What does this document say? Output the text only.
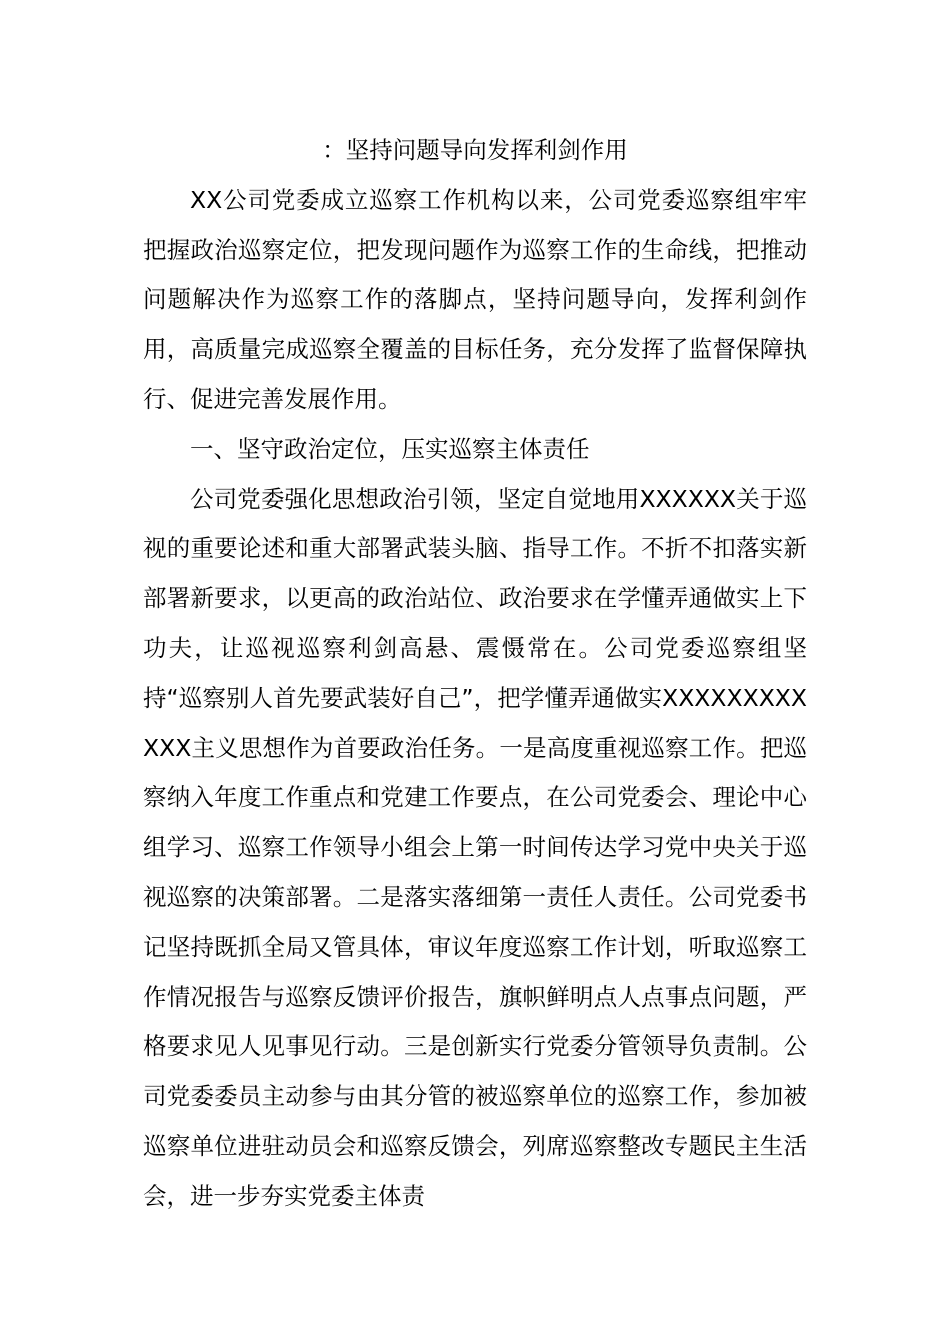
：坚持问题导向发挥利剑作用

XX公司党委成立巡察工作机构以来，公司党委巡察组牢牢把握政治巡察定位，把发现问题作为巡察工作的生命线，把推动问题解决作为巡察工作的落脚点，坚持问题导向，发挥利剑作用，高质量完成巡察全覆盖的目标任务，充分发挥了监督保障执行、促进完善发展作用。

一、坚守政治定位，压实巡察主体责任

公司党委强化思想政治引领，坚定自觉地用XXXXXX关于巡视的重要论述和重大部署武装头脑、指导工作。不折不扣落实新部署新要求，以更高的政治站位、政治要求在学懂弄通做实上下功夫，让巡视巡察利剑高悬、震慑常在。公司党委巡察组坚持“巡察别人首先要武装好自己”，把学懂弄通做实XXXXXXXXXXXX主义思想作为首要政治任务。一是高度重视巡察工作。把巡察纳入年度工作重点和党建工作要点，在公司党委会、理论中心组学习、巡察工作领导小组会上第一时间传达学习党中央关于巡视巡察的决策部署。二是落实落细第一责任人责任。公司党委书记坚持既抓全局又管具体，审议年度巡察工作计划，听取巡察工作情况报告与巡察反馈评价报告，旗帜鲜明点人点事点问题，严格要求见人见事见行动。三是创新实行党委分管领导负责制。公司党委委员主动参与由其分管的被巡察单位的巡察工作，参加被巡察单位进驻动员会和巡察反馈会，列席巡察整改专题民主生活会，进一步夯实党委主体责
